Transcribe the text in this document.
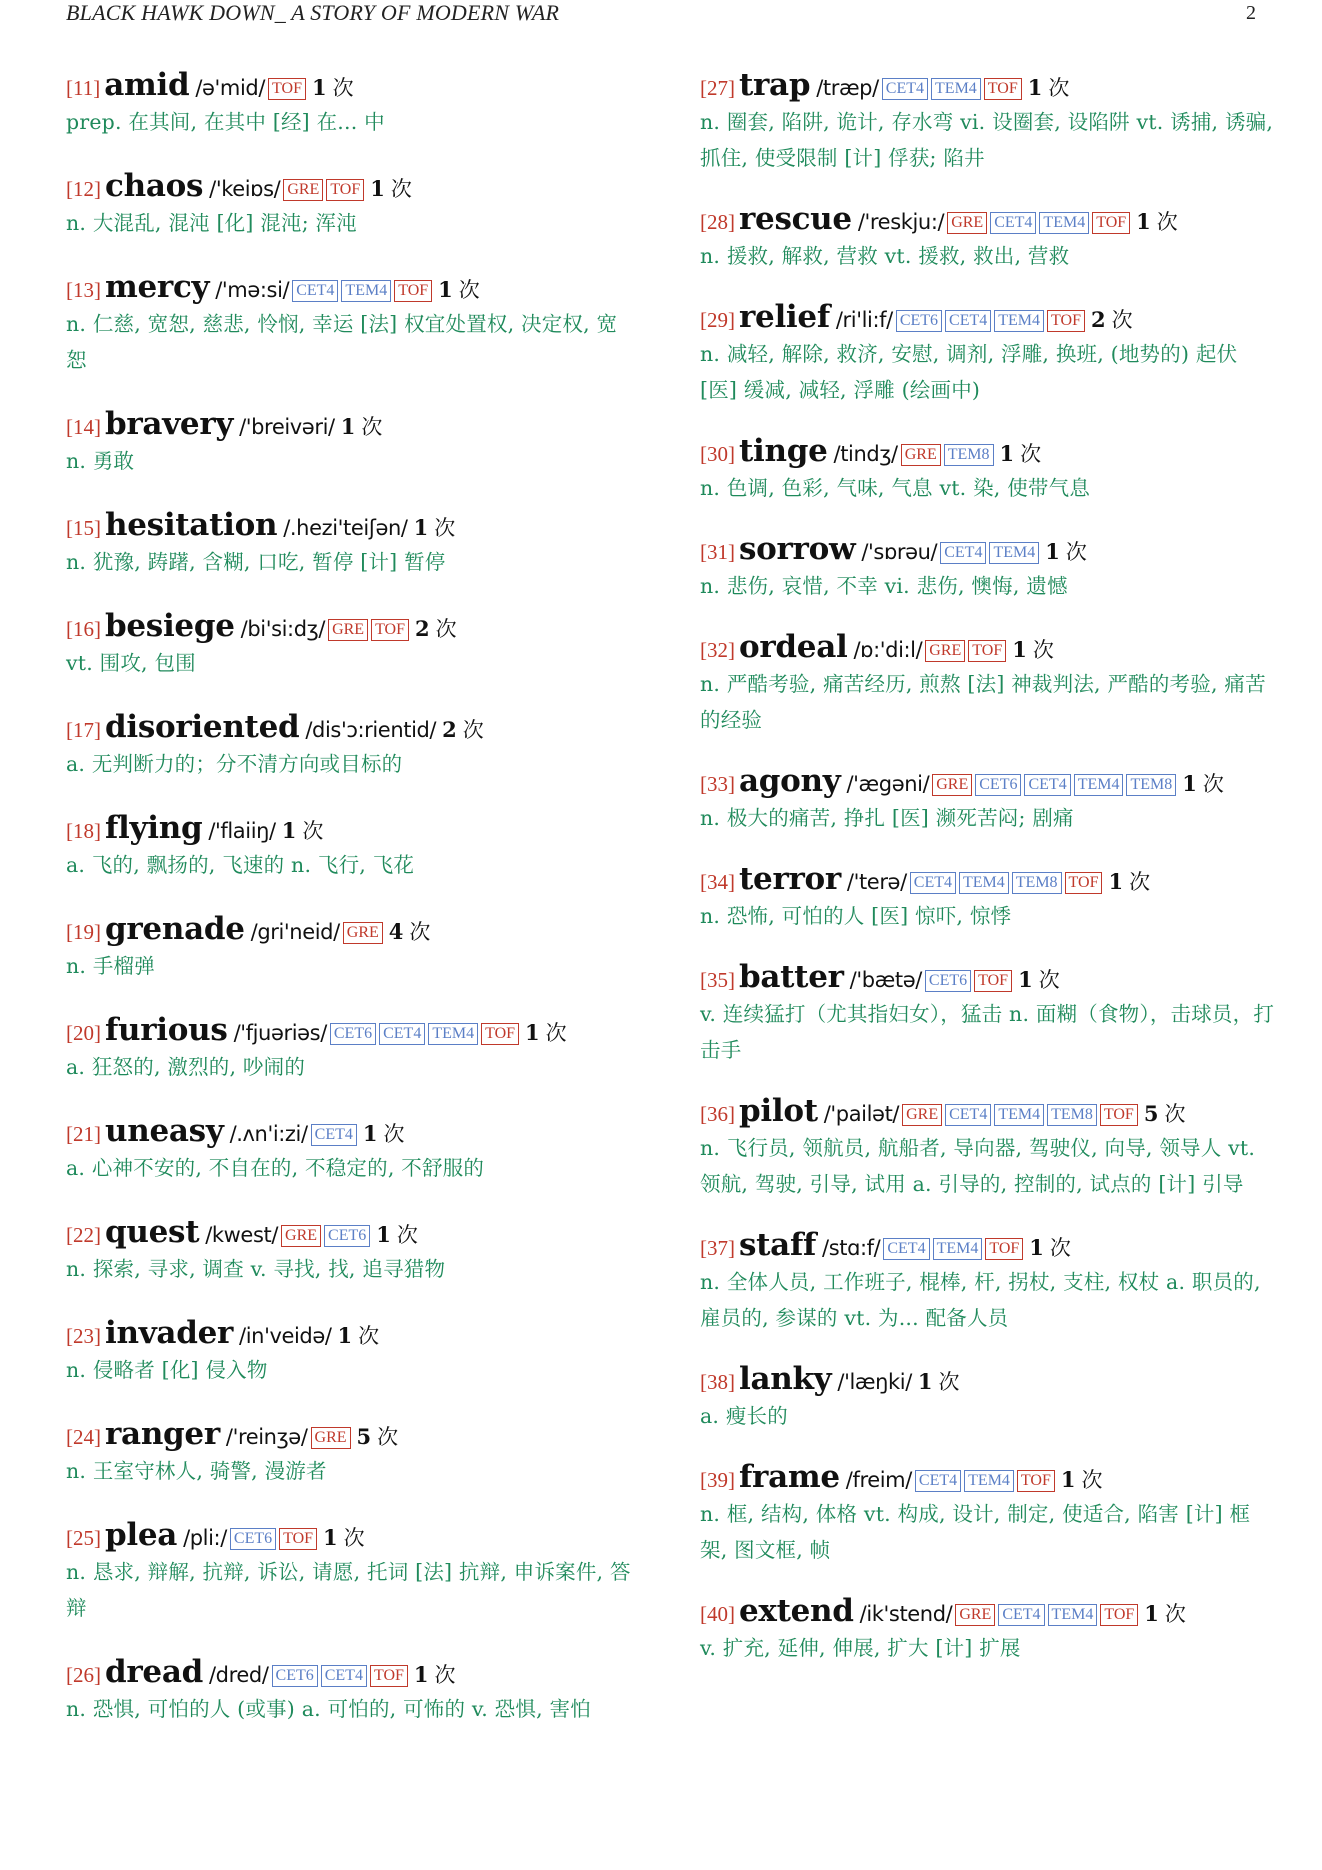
BLACK HAWK DOWN_ A STORY OF MODERN WAR	2
[11] amid /ə'mid/ TOF 1 次
prep. 在其间, 在其中 [经] 在... 中
[12] chaos /'keiɒs/ GRE TOF 1 次
n. 大混乱, 混沌 [化] 混沌; 浑沌
[13] mercy /'mə:si/ CET4 TEM4 TOF 1 次
n. 仁慈, 宽恕, 慈悲, 怜悯, 幸运 [法] 权宜处置权, 决定权, 宽恕
[14] bravery /'breivəri/ 1 次
n. 勇敢
[15] hesitation /.hezi'teiʃən/ 1 次
n. 犹豫, 踌躇, 含糊, 口吃, 暂停 [计] 暂停
[16] besiege /bi'si:dʒ/ GRE TOF 2 次
vt. 围攻, 包围
[17] disoriented /dis'ɔ:rientid/ 2 次
a. 无判断力的；分不清方向或目标的
[18] flying /'flaiiŋ/ 1 次
a. 飞的, 飘扬的, 飞速的 n. 飞行, 飞花
[19] grenade /gri'neid/ GRE 4 次
n. 手榴弹
[20] furious /'fjuəriəs/ CET6 CET4 TEM4 TOF 1 次
a. 狂怒的, 激烈的, 吵闹的
[21] uneasy /.ʌn'i:zi/ CET4 1 次
a. 心神不安的, 不自在的, 不稳定的, 不舒服的
[22] quest /kwest/ GRE CET6 1 次
n. 探索, 寻求, 调查 v. 寻找, 找, 追寻猎物
[23] invader /in'veidə/ 1 次
n. 侵略者 [化] 侵入物
[24] ranger /'reinʒə/ GRE 5 次
n. 王室守林人, 骑警, 漫游者
[25] plea /pli:/ CET6 TOF 1 次
n. 恳求, 辩解, 抗辩, 诉讼, 请愿, 托词 [法] 抗辩, 申诉案件, 答辩
[26] dread /dred/ CET6 CET4 TOF 1 次
n. 恐惧, 可怕的人 (或事) a. 可怕的, 可怖的 v. 恐惧, 害怕
[27] trap /træp/ CET4 TEM4 TOF 1 次
n. 圈套, 陷阱, 诡计, 存水弯 vi. 设圈套, 设陷阱 vt. 诱捕, 诱骗, 抓住, 使受限制 [计] 俘获; 陷井
[28] rescue /'reskju:/ GRE CET4 TEM4 TOF 1 次
n. 援救, 解救, 营救 vt. 援救, 救出, 营救
[29] relief /ri'li:f/ CET6 CET4 TEM4 TOF 2 次
n. 减轻, 解除, 救济, 安慰, 调剂, 浮雕, 换班, (地势的) 起伏 [医] 缓减, 减轻, 浮雕 (绘画中)
[30] tinge /tindʒ/ GRE TEM8 1 次
n. 色调, 色彩, 气味, 气息 vt. 染, 使带气息
[31] sorrow /'sɒrəu/ CET4 TEM4 1 次
n. 悲伤, 哀惜, 不幸 vi. 悲伤, 懊悔, 遗憾
[32] ordeal /ɒ:'di:l/ GRE TOF 1 次
n. 严酷考验, 痛苦经历, 煎熬 [法] 神裁判法, 严酷的考验, 痛苦的经验
[33] agony /'ægəni/ GRE CET6 CET4 TEM4 TEM8 1 次
n. 极大的痛苦, 挣扎 [医] 濒死苦闷; 剧痛
[34] terror /'terə/ CET4 TEM4 TEM8 TOF 1 次
n. 恐怖, 可怕的人 [医] 惊吓, 惊悸
[35] batter /'bætə/ CET6 TOF 1 次
v. 连续猛打（尤其指妇女），猛击 n. 面糊（食物），击球员，打击手
[36] pilot /'pailət/ GRE CET4 TEM4 TEM8 TOF 5 次
n. 飞行员, 领航员, 航船者, 导向器, 驾驶仪, 向导, 领导人 vt. 领航, 驾驶, 引导, 试用 a. 引导的, 控制的, 试点的 [计] 引导
[37] staff /stɑ:f/ CET4 TEM4 TOF 1 次
n. 全体人员, 工作班子, 棍棒, 杆, 拐杖, 支柱, 权杖 a. 职员的, 雇员的, 参谋的 vt. 为... 配备人员
[38] lanky /'læŋki/ 1 次
a. 瘦长的
[39] frame /freim/ CET4 TEM4 TOF 1 次
n. 框, 结构, 体格 vt. 构成, 设计, 制定, 使适合, 陷害 [计] 框架, 图文框, 帧
[40] extend /ik'stend/ GRE CET4 TEM4 TOF 1 次
v. 扩充, 延伸, 伸展, 扩大 [计] 扩展
